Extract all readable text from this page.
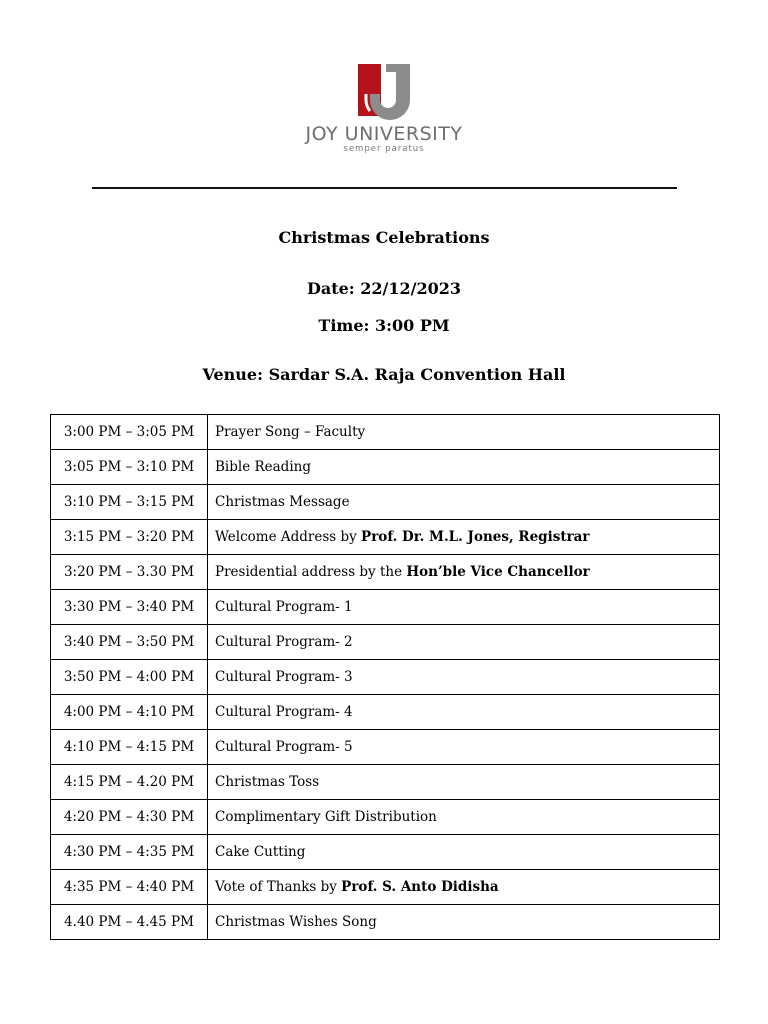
JOY UNIVERSITY
semper paratus
Christmas Celebrations
Date: 22/12/2023
Time: 3:00 PM
Venue: Sardar S.A. Raja Convention Hall
3:00 PM – 3:05 PM	Prayer Song – Faculty
3:05 PM – 3:10 PM	Bible Reading
3:10 PM – 3:15 PM	Christmas Message
3:15 PM – 3:20 PM	Welcome Address by Prof. Dr. M.L. Jones, Registrar
3:20 PM – 3.30 PM	Presidential address by the Hon’ble Vice Chancellor
3:30 PM – 3:40 PM	Cultural Program- 1
3:40 PM – 3:50 PM	Cultural Program- 2
3:50 PM – 4:00 PM	Cultural Program- 3
4:00 PM – 4:10 PM	Cultural Program- 4
4:10 PM – 4:15 PM	Cultural Program- 5
4:15 PM – 4.20 PM	Christmas Toss
4:20 PM – 4:30 PM	Complimentary Gift Distribution
4:30 PM – 4:35 PM	Cake Cutting
4:35 PM – 4:40 PM	Vote of Thanks by Prof. S. Anto Didisha
4.40 PM – 4.45 PM	Christmas Wishes Song
